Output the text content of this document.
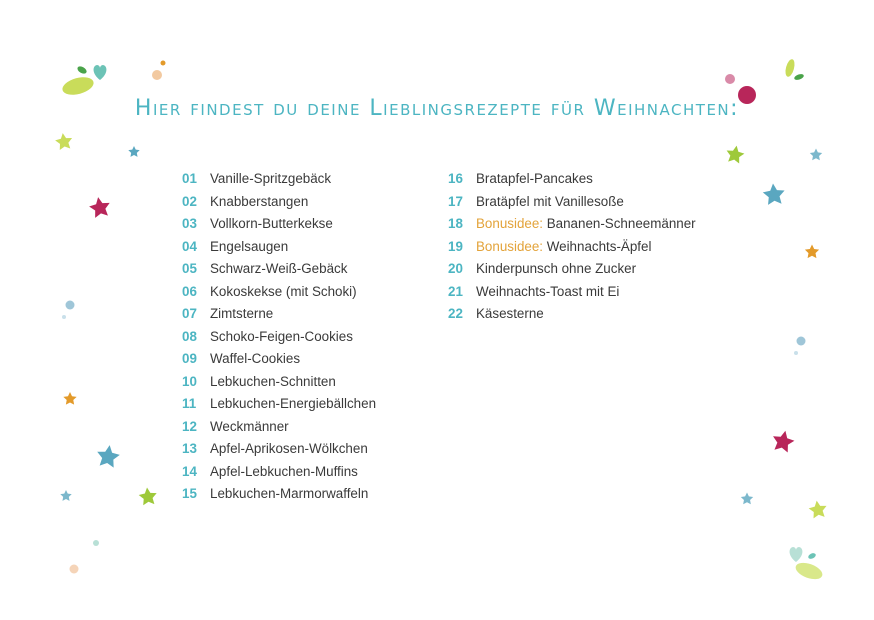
Hier findest du deine Lieblingsrezepte für Weihnachten:
01 Vanille-Spritzgebäck
02 Knabberstangen
03 Vollkorn-Butterkekse
04 Engelsaugen
05 Schwarz-Weiß-Gebäck
06 Kokoskekse (mit Schoki)
07 Zimtsterne
08 Schoko-Feigen-Cookies
09 Waffel-Cookies
10 Lebkuchen-Schnitten
11 Lebkuchen-Energiebällchen
12 Weckmänner
13 Apfel-Aprikosen-Wölkchen
14 Apfel-Lebkuchen-Muffins
15 Lebkuchen-Marmorwaffeln
16 Bratapfel-Pancakes
17 Bratäpfel mit Vanillesoße
18 Bonusidee: Bananen-Schneemänner
19 Bonusidee: Weihnachts-Äpfel
20 Kinderpunsch ohne Zucker
21 Weihnachts-Toast mit Ei
22 Käsesterne
